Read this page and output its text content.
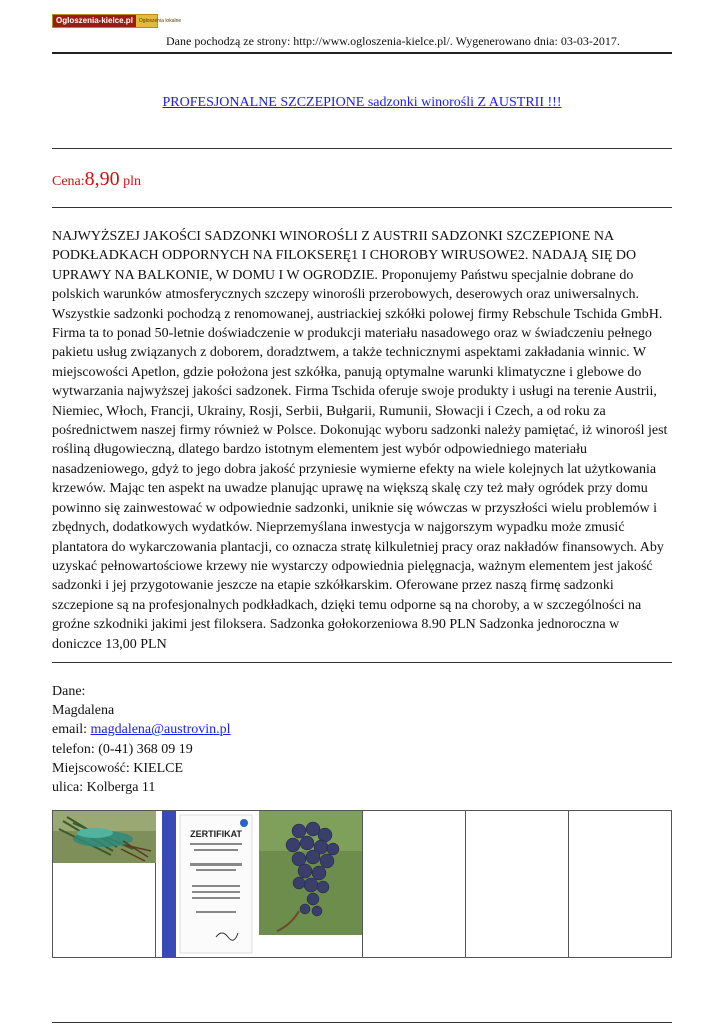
Ogloszenia-kielce.pl	Ogłoszenia lokalne
Dane pochodzą ze strony: http://www.ogloszenia-kielce.pl/. Wygenerowano dnia: 03-03-2017.
PROFESJONALNE SZCZEPIONE sadzonki winorośli Z AUSTRII !!!
Cena:8,90 pln
NAJWYŻSZEJ JAKOŚCI SADZONKI WINOROŚLI Z AUSTRII SADZONKI SZCZEPIONE NA PODKŁADKACH ODPORNYCH NA FILOKSERĘ1 I CHOROBY WIRUSOWE2. NADAJĄ SIĘ DO UPRAWY NA BALKONIE, W DOMU I W OGRODZIE. Proponujemy Państwu specjalnie dobrane do polskich warunków atmosferycznych szczepy winorośli przerobowych, deserowych oraz uniwersalnych. Wszystkie sadzonki pochodzą z renomowanej, austriackiej szkółki polowej firmy Rebschule Tschida GmbH. Firma ta to ponad 50-letnie doświadczenie w produkcji materiału nasadowego oraz w świadczeniu pełnego pakietu usług związanych z doborem, doradztwem, a także technicznymi aspektami zakładania winnic. W miejscowości Apetlon, gdzie położona jest szkółka, panują optymalne warunki klimatyczne i glebowe do wytwarzania najwyższej jakości sadzonek. Firma Tschida oferuje swoje produkty i usługi na terenie Austrii, Niemiec, Włoch, Francji, Ukrainy, Rosji, Serbii, Bułgarii, Rumunii, Słowacji i Czech, a od roku za pośrednictwem naszej firmy również w Polsce. Dokonując wyboru sadzonki należy pamiętać, iż winorośl jest rośliną długowieczną, dlatego bardzo istotnym elementem jest wybór odpowiedniego materiału nasadzeniowego, gdyż to jego dobra jakość przyniesie wymierne efekty na wiele kolejnych lat użytkowania krzewów. Mając ten aspekt na uwadze planując uprawę na większą skalę czy też mały ogródek przy domu powinno się zainwestować w odpowiednie sadzonki, uniknie się wówczas w przyszłości wielu problemów i zbędnych, dodatkowych wydatków. Nieprzemyślana inwestycja w najgorszym wypadku może zmusić plantatora do wykarczowania plantacji, co oznacza stratę kilkuletniej pracy oraz nakładów finansowych. Aby uzyskać pełnowartościowe krzewy nie wystarczy odpowiednia pielęgnacja, ważnym elementem jest jakość sadzonki i jej przygotowanie jeszcze na etapie szkółkarskim. Oferowane przez naszą firmę sadzonki szczepione są na profesjonalnych podkładkach, dzięki temu odporne są na choroby, a w szczególności na groźne szkodniki jakimi jest filoksera. Sadzonka gołokorzeniowa 8.90 PLN Sadzonka jednoroczna w doniczce 13,00 PLN
Dane:
Magdalena
email: magdalena@austrovin.pl
telefon: (0-41) 368 09 19
Miejscowość: KIELCE
ulica: Kolberga 11
ZERTIFIKAT
